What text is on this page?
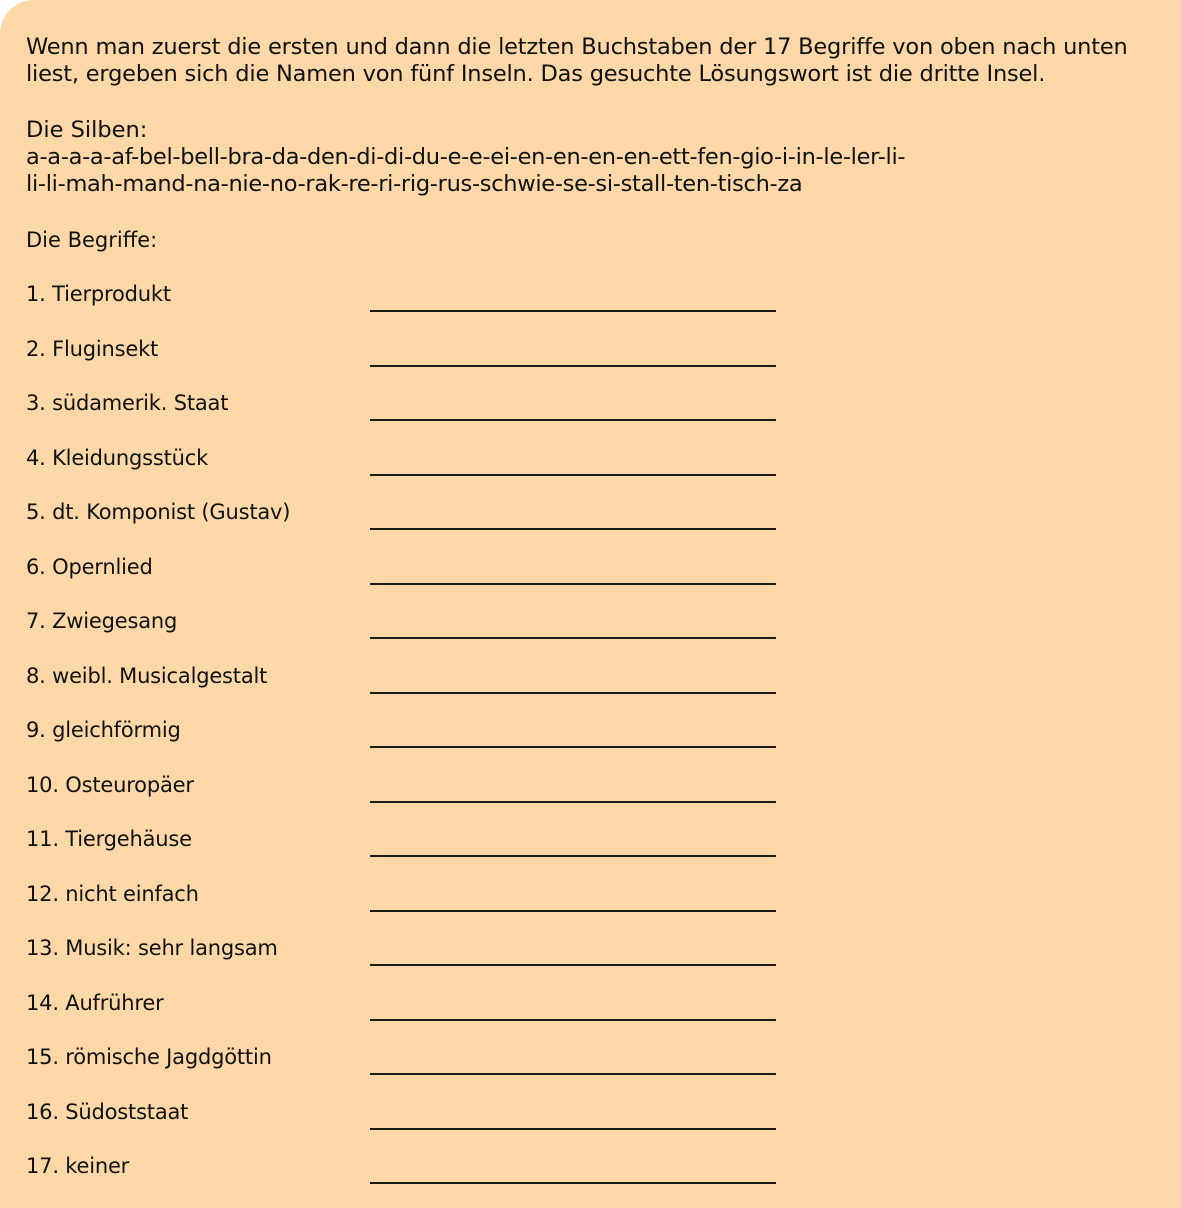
Wenn man zuerst die ersten und dann die letzten Buchstaben der 17 Begriffe von oben nach unten liest, ergeben sich die Namen von fünf Inseln. Das gesuchte Lösungswort ist die dritte Insel.
Die Silben:
a-a-a-a-af-bel-bell-bra-da-den-di-di-du-e-e-ei-en-en-en-en-ett-fen-gio-i-in-le-ler-li-
li-li-mah-mand-na-nie-no-rak-re-ri-rig-rus-schwie-se-si-stall-ten-tisch-za
Die Begriffe:
1. Tierprodukt
2. Fluginsekt
3. südamerik. Staat
4. Kleidungsstück
5. dt. Komponist (Gustav)
6. Opernlied
7. Zwiegesang
8. weibl. Musicalgestalt
9. gleichförmig
10. Osteuropäer
11. Tiergehäuse
12. nicht einfach
13. Musik: sehr langsam
14. Aufrührer
15. römische Jagdgöttin
16. Südoststaat
17. keiner
